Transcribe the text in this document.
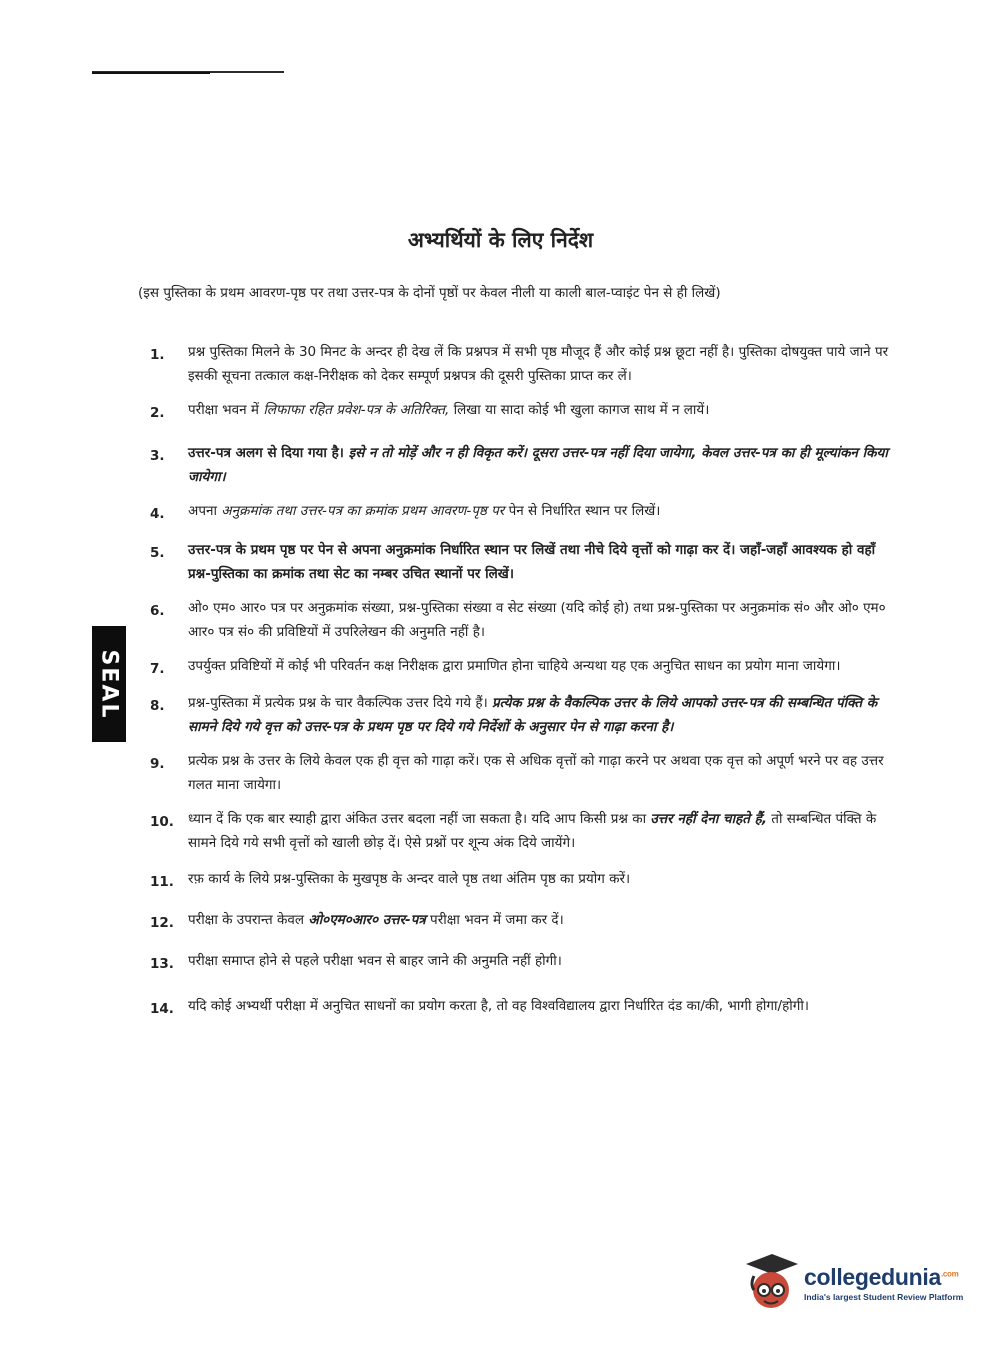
अभ्यर्थियों के लिए निर्देश
(इस पुस्तिका के प्रथम आवरण-पृष्ठ पर तथा उत्तर-पत्र के दोनों पृष्ठों पर केवल नीली या काली बाल-प्वाइंट पेन से ही लिखें)
1.	प्रश्न पुस्तिका मिलने के 30 मिनट के अन्दर ही देख लें कि प्रश्नपत्र में सभी पृष्ठ मौजूद हैं और कोई प्रश्न छूटा नहीं है। पुस्तिका दोषयुक्त पाये जाने पर इसकी सूचना तत्काल कक्ष-निरीक्षक को देकर सम्पूर्ण प्रश्नपत्र की दूसरी पुस्तिका प्राप्त कर लें।
2.	परीक्षा भवन में लिफाफा रहित प्रवेश-पत्र के अतिरिक्त, लिखा या सादा कोई भी खुला कागज साथ में न लायें।
3.	उत्तर-पत्र अलग से दिया गया है। इसे न तो मोड़ें और न ही विकृत करें। दूसरा उत्तर-पत्र नहीं दिया जायेगा, केवल उत्तर-पत्र का ही मूल्यांकन किया जायेगा।
4.	अपना अनुक्रमांक तथा उत्तर-पत्र का क्रमांक प्रथम आवरण-पृष्ठ पर पेन से निर्धारित स्थान पर लिखें।
5.	उत्तर-पत्र के प्रथम पृष्ठ पर पेन से अपना अनुक्रमांक निर्धारित स्थान पर लिखें तथा नीचे दिये वृत्तों को गाढ़ा कर दें। जहाँ-जहाँ आवश्यक हो वहाँ प्रश्न-पुस्तिका का क्रमांक तथा सेट का नम्बर उचित स्थानों पर लिखें।
6.	ओ० एम० आर० पत्र पर अनुक्रमांक संख्या, प्रश्न-पुस्तिका संख्या व सेट संख्या (यदि कोई हो) तथा प्रश्न-पुस्तिका पर अनुक्रमांक सं० और ओ० एम० आर० पत्र सं० की प्रविष्टियों में उपरिलेखन की अनुमति नहीं है।
7.	उपर्युक्त प्रविष्टियों में कोई भी परिवर्तन कक्ष निरीक्षक द्वारा प्रमाणित होना चाहिये अन्यथा यह एक अनुचित साधन का प्रयोग माना जायेगा।
8.	प्रश्न-पुस्तिका में प्रत्येक प्रश्न के चार वैकल्पिक उत्तर दिये गये हैं। प्रत्येक प्रश्न के वैकल्पिक उत्तर के लिये आपको उत्तर-पत्र की सम्बन्धित पंक्ति के सामने दिये गये वृत्त को उत्तर-पत्र के प्रथम पृष्ठ पर दिये गये निर्देशों के अनुसार पेन से गाढ़ा करना है।
9.	प्रत्येक प्रश्न के उत्तर के लिये केवल एक ही वृत्त को गाढ़ा करें। एक से अधिक वृत्तों को गाढ़ा करने पर अथवा एक वृत्त को अपूर्ण भरने पर वह उत्तर गलत माना जायेगा।
10.	ध्यान दें कि एक बार स्याही द्वारा अंकित उत्तर बदला नहीं जा सकता है। यदि आप किसी प्रश्न का उत्तर नहीं देना चाहते हैं, तो सम्बन्धित पंक्ति के सामने दिये गये सभी वृत्तों को खाली छोड़ दें। ऐसे प्रश्नों पर शून्य अंक दिये जायेंगे।
11.	रफ़ कार्य के लिये प्रश्न-पुस्तिका के मुखपृष्ठ के अन्दर वाले पृष्ठ तथा अंतिम पृष्ठ का प्रयोग करें।
12.	परीक्षा के उपरान्त केवल ओ०एम०आर० उत्तर-पत्र परीक्षा भवन में जमा कर दें।
13.	परीक्षा समाप्त होने से पहले परीक्षा भवन से बाहर जाने की अनुमति नहीं होगी।
14.	यदि कोई अभ्यर्थी परीक्षा में अनुचित साधनों का प्रयोग करता है, तो वह विश्वविद्यालय द्वारा निर्धारित दंड का/की, भागी होगा/होगी।
SEAL
collegedunia$^{.com}$
India's largest Student Review Platform
